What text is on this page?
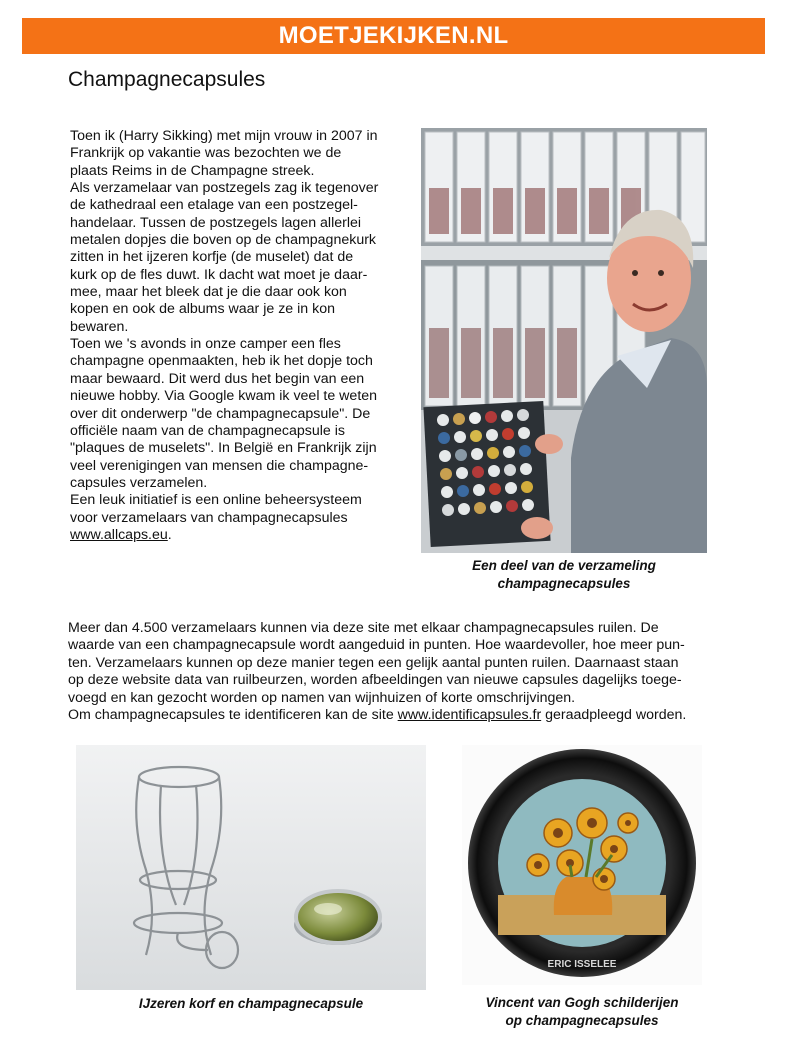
MOETJEKIJKEN.NL
Champagnecapsules

Toen ik (Harry Sikking) met mijn vrouw in 2007 in

Frankrijk op vakantie was bezochten we de

plaats Reims in de Champagne streek.

Als verzamelaar van postzegels zag ik tegenover

de kathedraal een etalage van een postzegel-

handelaar. Tussen de postzegels lagen allerlei

metalen dopjes die boven op de champagnekurk

zitten in het ijzeren korfje (de muselet) dat de

kurk op de fles duwt. Ik dacht wat moet je daar-

mee, maar het bleek dat je die daar ook kon

kopen en ook de albums waar je ze in kon

bewaren.

Toen we 's avonds in onze camper een fles

champagne openmaakten, heb ik het dopje toch

maar bewaard. Dit werd dus het begin van een

nieuwe hobby. Via Google kwam ik veel te weten

over dit onderwerp "de champagnecapsule". De

officiële naam van de champagnecapsule is

"plaques de muselets". In België en Frankrijk zijn

veel verenigingen van mensen die champagne-

capsules verzamelen.

Een leuk initiatief is een online beheersysteem

voor verzamelaars van champagnecapsules

www.allcaps.eu.

Een deel van de verzameling
champagnecapsules

Meer dan 4.500 verzamelaars kunnen via deze site met elkaar champagnecapsules ruilen. De

waarde van een champagnecapsule wordt aangeduid in punten. Hoe waardevoller, hoe meer pun-

ten. Verzamelaars kunnen op deze manier tegen een gelijk aantal punten ruilen. Daarnaast staan

op deze website data van ruilbeurzen, worden afbeeldingen van nieuwe capsules dagelijks toege-

voegd en kan gezocht worden op namen van wijnhuizen of korte omschrijvingen.

Om champagnecapsules te identificeren kan de site www.identificapsules.fr geraadpleegd worden.

IJzeren korf en champagnecapsule
ERIC ISSELEE
Vincent van Gogh schilderijen
op champagnecapsules
